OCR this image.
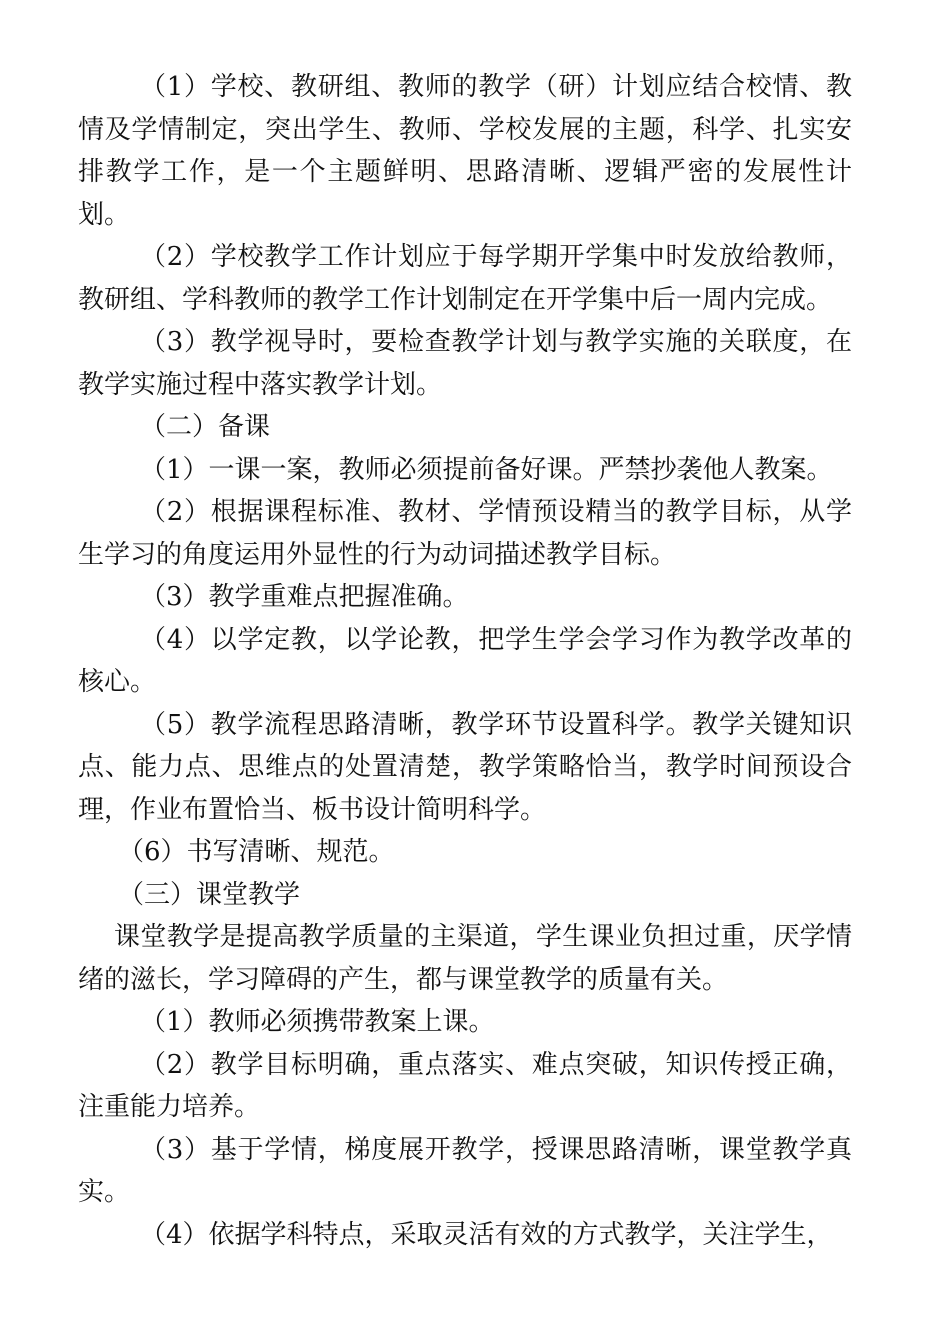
（1）学校、教研组、教师的教学（研）计划应结合校情、教情及学情制定，突出学生、教师、学校发展的主题，科学、扎实安排教学工作，是一个主题鲜明、思路清晰、逻辑严密的发展性计划。

（2）学校教学工作计划应于每学期开学集中时发放给教师，教研组、学科教师的教学工作计划制定在开学集中后一周内完成。

（3）教学视导时，要检查教学计划与教学实施的关联度，在教学实施过程中落实教学计划。

（二）备课

（1）一课一案，教师必须提前备好课。严禁抄袭他人教案。

（2）根据课程标准、教材、学情预设精当的教学目标，从学生学习的角度运用外显性的行为动词描述教学目标。

（3）教学重难点把握准确。

（4）以学定教，以学论教，把学生学会学习作为教学改革的核心。

（5）教学流程思路清晰，教学环节设置科学。教学关键知识点、能力点、思维点的处置清楚，教学策略恰当，教学时间预设合理，作业布置恰当、板书设计简明科学。

（6）书写清晰、规范。

（三）课堂教学

课堂教学是提高教学质量的主渠道，学生课业负担过重，厌学情绪的滋长，学习障碍的产生，都与课堂教学的质量有关。

（1）教师必须携带教案上课。

（2）教学目标明确，重点落实、难点突破，知识传授正确，注重能力培养。

（3）基于学情，梯度展开教学，授课思路清晰，课堂教学真实。

（4）依据学科特点，采取灵活有效的方式教学，关注学生，
